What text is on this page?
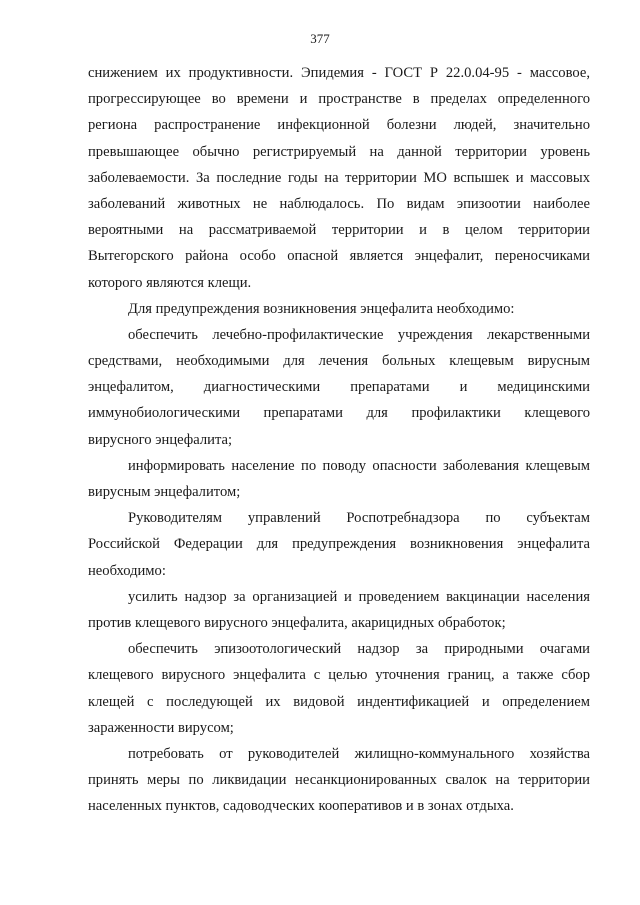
377
снижением их продуктивности. Эпидемия - ГОСТ Р 22.0.04-95 - массовое,
прогрессирующее во времени и пространстве в пределах определенного
региона распространение инфекционной болезни людей, значительно
превышающее обычно регистрируемый на данной территории уровень
заболеваемости. За последние годы на территории МО вспышек и массовых
заболеваний животных не наблюдалось. По видам эпизоотии наиболее
вероятными на рассматриваемой территории и в целом территории
Вытегорского района особо опасной является энцефалит, переносчиками
которого являются клещи.
Для предупреждения возникновения энцефалита необходимо:
обеспечить лечебно-профилактические учреждения лекарственными
средствами, необходимыми для лечения больных клещевым вирусным
энцефалитом, диагностическими препаратами и медицинскими
иммунобиологическими препаратами для профилактики клещевого
вирусного энцефалита;
информировать население по поводу опасности заболевания клещевым
вирусным энцефалитом;
Руководителям управлений Роспотребнадзора по субъектам
Российской Федерации для предупреждения возникновения энцефалита
необходимо:
усилить надзор за организацией и проведением вакцинации населения
против клещевого вирусного энцефалита, акарицидных обработок;
обеспечить эпизоотологический надзор за природными очагами
клещевого вирусного энцефалита с целью уточнения границ, а также сбор
клещей с последующей их видовой индентификацией и определением
зараженности вирусом;
потребовать от руководителей жилищно-коммунального хозяйства
принять меры по ликвидации несанкционированных свалок на территории
населенных пунктов, садоводческих кооперативов и в зонах отдыха.
